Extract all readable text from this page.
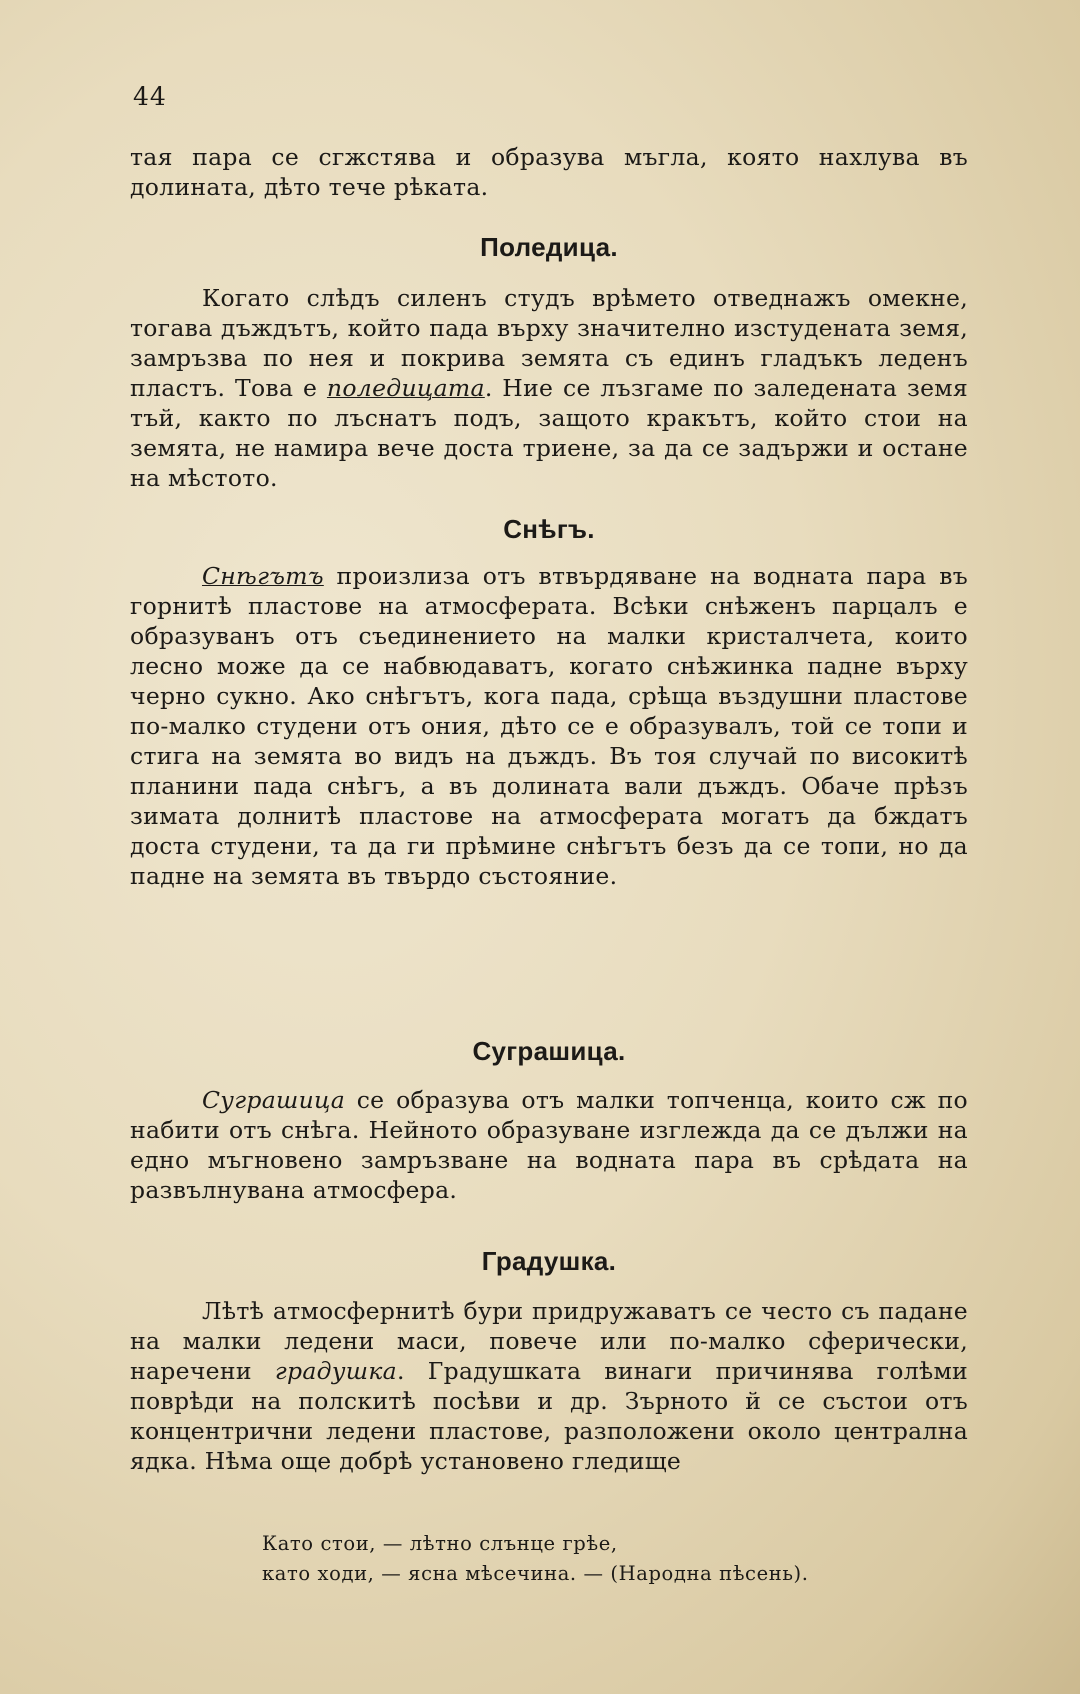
44

тая пара се сгжстява и образува мъгла, която нахлува въ долината, дѣто тече рѣката.

Поледица.

Когато слѣдъ силенъ студъ врѣмето отведнажъ омекне, тогава дъждътъ, който пада върху значително изстудената земя, замръзва по нея и покрива земята съ единъ гладъкъ леденъ пластъ. Това е поледицата. Ние се лъзгаме по заледената земя тъй, както по лъснатъ подъ, защото кракътъ, който стои на земята, не намира вече доста триене, за да се задържи и остане на мѣстото.

Снѣгъ.

Снѣгътъ произлиза отъ втвърдяване на водната пара въ горнитѣ пластове на атмосферата. Всѣки снѣженъ парцалъ е образуванъ отъ съединението на малки кристалчета, които лесно може да се набвюдаватъ, когато снѣжинка падне върху черно сукно. Ако снѣгътъ, кога пада, срѣща въздушни пластове по-малко студени отъ ония, дѣто се е образувалъ, той се топи и стига на земята во видъ на дъждъ. Въ тоя случай по високитѣ планини пада снѣгъ, а въ долината вали дъждъ. Обаче прѣзъ зимата долнитѣ пластове на атмосферата могатъ да бждатъ доста студени, та да ги прѣмине снѣгътъ безъ да се топи, но да падне на земята въ твърдо състояние.

Суграшица.

Суграшица се образува отъ малки топченца, които сж по набити отъ снѣга. Нейното образуване изглежда да се дължи на едно мъгновено замръзване на водната пара въ срѣдата на развълнувана атмосфера.

Градушка.

Лѣтѣ атмосфернитѣ бури придружаватъ се често съ падане на малки ледени маси, повече или по-малко сферически, наречени градушка. Градушката винаги причинява голѣми поврѣди на полскитѣ посѣви и др. Зърното й се състои отъ концентрични ледени пластове, разположени около централна ядка. Нѣма още добрѣ установено гледище

Като стои, — лѣтно слънце грѣе,
като ходи, — ясна мѣсечина. — (Народна пѣсень).
